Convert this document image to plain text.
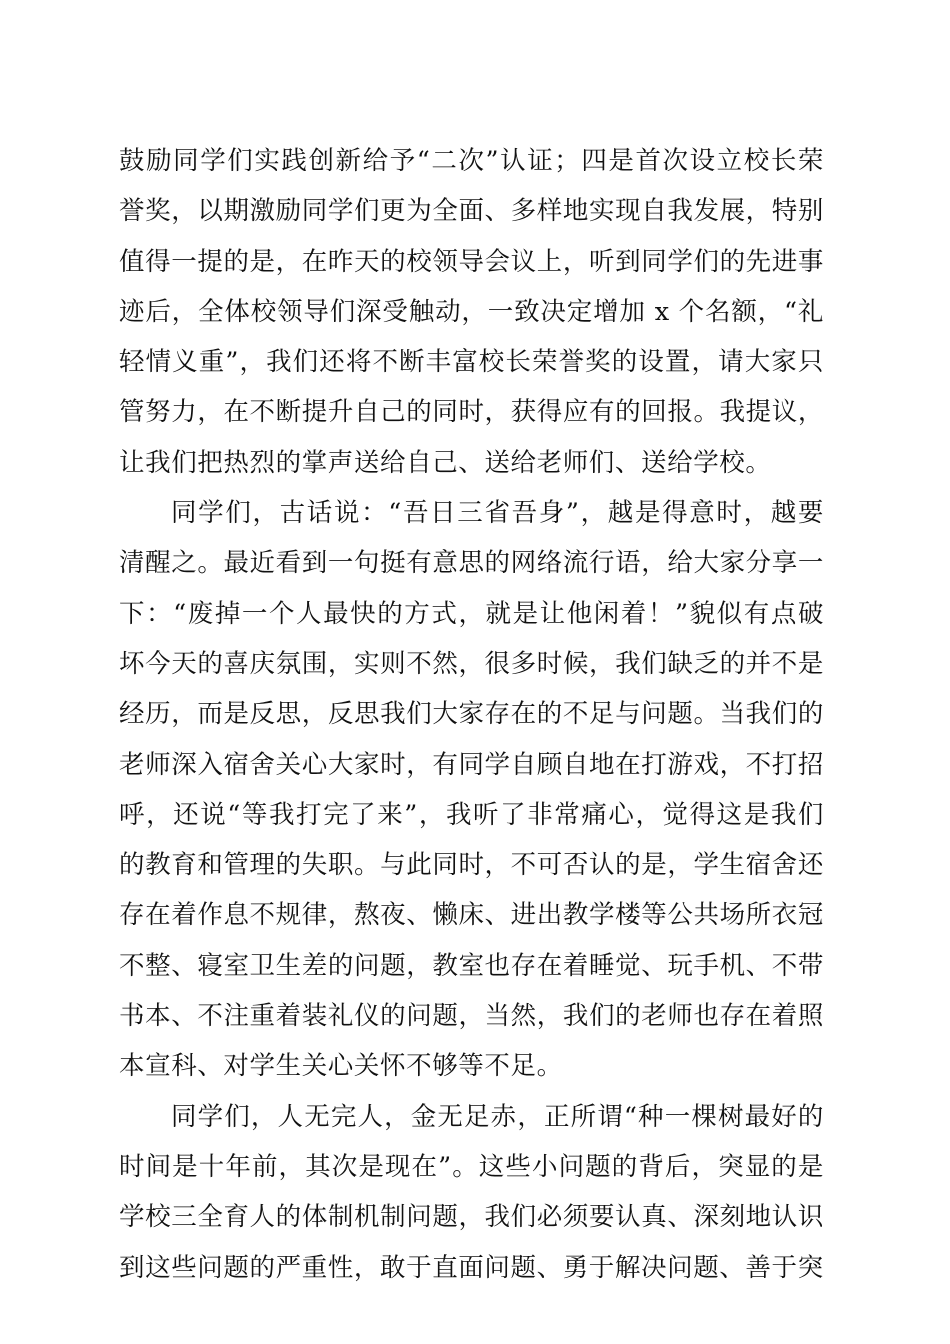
鼓励同学们实践创新给予“二次”认证；四是首次设立校长荣誉奖，以期激励同学们更为全面、多样地实现自我发展，特别值得一提的是，在昨天的校领导会议上，听到同学们的先进事迹后，全体校领导们深受触动，一致决定增加 x 个名额，“礼轻情义重”，我们还将不断丰富校长荣誉奖的设置，请大家只管努力，在不断提升自己的同时，获得应有的回报。我提议，让我们把热烈的掌声送给自己、送给老师们、送给学校。

同学们，古话说：“吾日三省吾身”，越是得意时，越要清醒之。最近看到一句挺有意思的网络流行语，给大家分享一下：“废掉一个人最快的方式，就是让他闲着！”貌似有点破坏今天的喜庆氛围，实则不然，很多时候，我们缺乏的并不是经历，而是反思，反思我们大家存在的不足与问题。当我们的老师深入宿舍关心大家时，有同学自顾自地在打游戏，不打招呼，还说“等我打完了来”，我听了非常痛心，觉得这是我们的教育和管理的失职。与此同时，不可否认的是，学生宿舍还存在着作息不规律，熬夜、懒床、进出教学楼等公共场所衣冠不整、寝室卫生差的问题，教室也存在着睡觉、玩手机、不带书本、不注重着装礼仪的问题，当然，我们的老师也存在着照本宣科、对学生关心关怀不够等不足。

同学们，人无完人，金无足赤，正所谓“种一棵树最好的时间是十年前，其次是现在”。这些小问题的背后，突显的是学校三全育人的体制机制问题，我们必须要认真、深刻地认识到这些问题的严重性，敢于直面问题、勇于解决问题、善于突
